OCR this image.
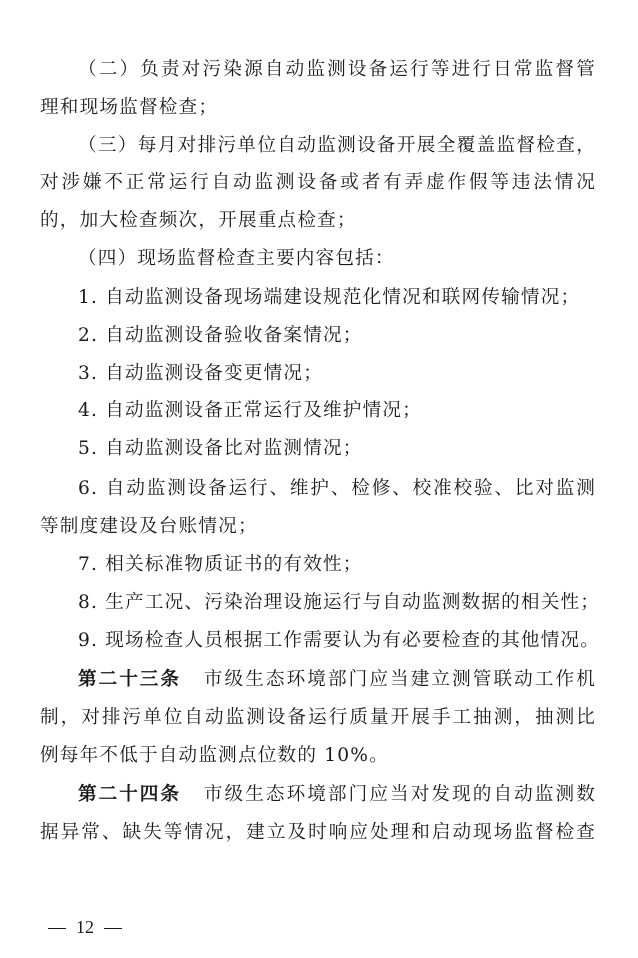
（二）负责对污染源自动监测设备运行等进行日常监督管
理和现场监督检查；
（三）每月对排污单位自动监测设备开展全覆盖监督检查，
对涉嫌不正常运行自动监测设备或者有弄虚作假等违法情况
的，加大检查频次，开展重点检查；
（四）现场监督检查主要内容包括：
1. 自动监测设备现场端建设规范化情况和联网传输情况；
2. 自动监测设备验收备案情况；
3. 自动监测设备变更情况；
4. 自动监测设备正常运行及维护情况；
5. 自动监测设备比对监测情况；
6. 自动监测设备运行、维护、检修、校准校验、比对监测
等制度建设及台账情况；
7. 相关标准物质证书的有效性；
8. 生产工况、污染治理设施运行与自动监测数据的相关性；
9. 现场检查人员根据工作需要认为有必要检查的其他情况。
第二十三条 市级生态环境部门应当建立测管联动工作机
制，对排污单位自动监测设备运行质量开展手工抽测，抽测比
例每年不低于自动监测点位数的 10%。
第二十四条 市级生态环境部门应当对发现的自动监测数
据异常、缺失等情况，建立及时响应处理和启动现场监督检查
12
